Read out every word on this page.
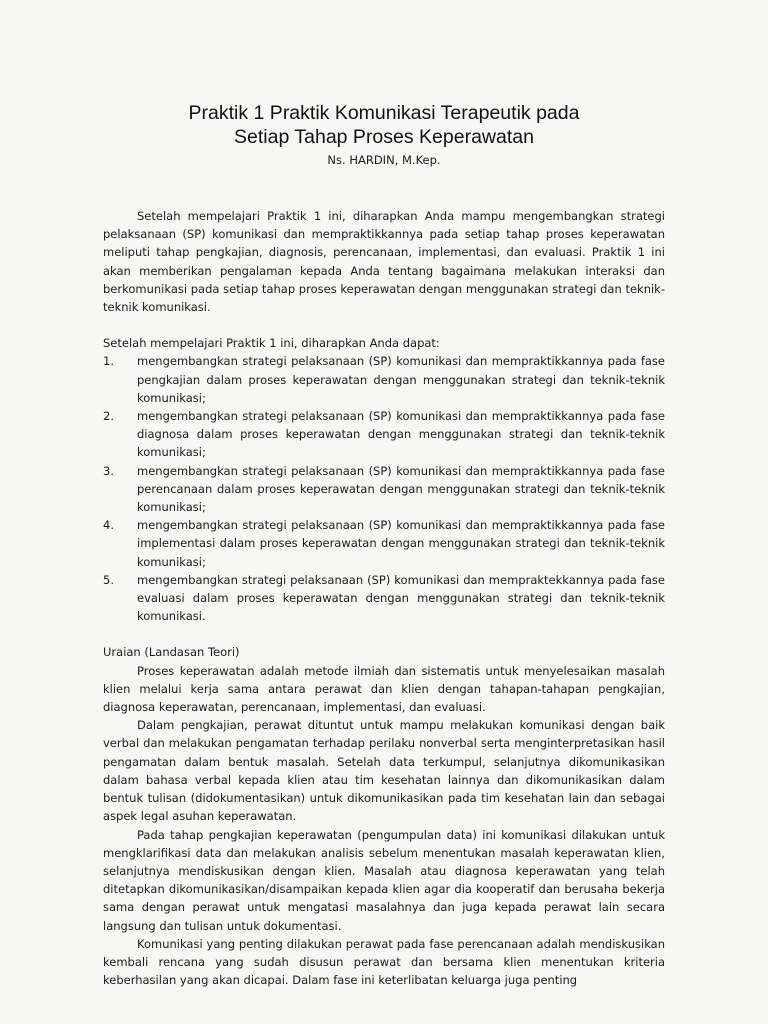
Praktik 1 Praktik Komunikasi Terapeutik pada
Setiap Tahap Proses Keperawatan
Ns. HARDIN, M.Kep.

Setelah mempelajari Praktik 1 ini, diharapkan Anda mampu mengembangkan strategi pelaksanaan (SP) komunikasi dan mempraktikkannya pada setiap tahap proses keperawatan meliputi tahap pengkajian, diagnosis, perencanaan, implementasi, dan evaluasi. Praktik 1 ini akan memberikan pengalaman kepada Anda tentang bagaimana melakukan interaksi dan berkomunikasi pada setiap tahap proses keperawatan dengan menggunakan strategi dan teknik-teknik komunikasi.

Setelah mempelajari Praktik 1 ini, diharapkan Anda dapat:

1. mengembangkan strategi pelaksanaan (SP) komunikasi dan mempraktikkannya pada fase pengkajian dalam proses keperawatan dengan menggunakan strategi dan teknik-teknik komunikasi;
2. mengembangkan strategi pelaksanaan (SP) komunikasi dan mempraktikkannya pada fase diagnosa dalam proses keperawatan dengan menggunakan strategi dan teknik-teknik komunikasi;
3. mengembangkan strategi pelaksanaan (SP) komunikasi dan mempraktikkannya pada fase perencanaan dalam proses keperawatan dengan menggunakan strategi dan teknik-teknik komunikasi;
4. mengembangkan strategi pelaksanaan (SP) komunikasi dan mempraktikkannya pada fase implementasi dalam proses keperawatan dengan menggunakan strategi dan teknik-teknik komunikasi;
5. mengembangkan strategi pelaksanaan (SP) komunikasi dan mempraktekkannya pada fase evaluasi dalam proses keperawatan dengan menggunakan strategi dan teknik-teknik komunikasi.

Uraian (Landasan Teori)

Proses keperawatan adalah metode ilmiah dan sistematis untuk menyelesaikan masalah klien melalui kerja sama antara perawat dan klien dengan tahapan-tahapan pengkajian, diagnosa keperawatan, perencanaan, implementasi, dan evaluasi.

Dalam pengkajian, perawat dituntut untuk mampu melakukan komunikasi dengan baik verbal dan melakukan pengamatan terhadap perilaku nonverbal serta menginterpretasikan hasil pengamatan dalam bentuk masalah. Setelah data terkumpul, selanjutnya dikomunikasikan dalam bahasa verbal kepada klien atau tim kesehatan lainnya dan dikomunikasikan dalam bentuk tulisan (didokumentasikan) untuk dikomunikasikan pada tim kesehatan lain dan sebagai aspek legal asuhan keperawatan.

Pada tahap pengkajian keperawatan (pengumpulan data) ini komunikasi dilakukan untuk mengklarifikasi data dan melakukan analisis sebelum menentukan masalah keperawatan klien, selanjutnya mendiskusikan dengan klien. Masalah atau diagnosa keperawatan yang telah ditetapkan dikomunikasikan/disampaikan kepada klien agar dia kooperatif dan berusaha bekerja sama dengan perawat untuk mengatasi masalahnya dan juga kepada perawat lain secara langsung dan tulisan untuk dokumentasi.

Komunikasi yang penting dilakukan perawat pada fase perencanaan adalah mendiskusikan kembali rencana yang sudah disusun perawat dan bersama klien menentukan kriteria keberhasilan yang akan dicapai. Dalam fase ini keterlibatan keluarga juga penting
